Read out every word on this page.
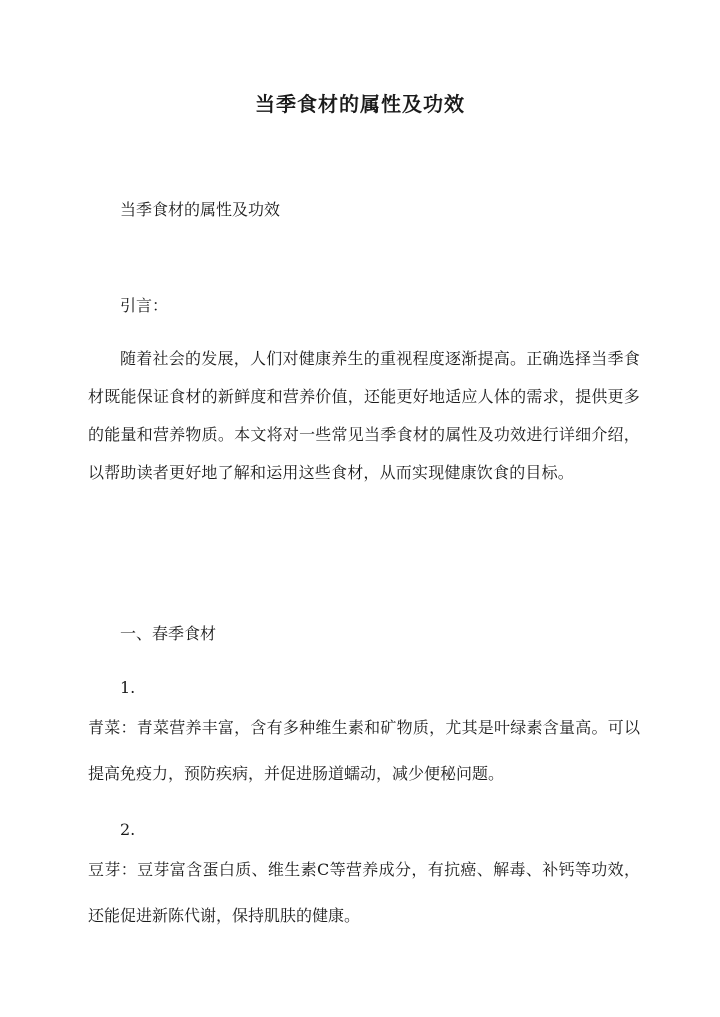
当季食材的属性及功效
当季食材的属性及功效
引言：
随着社会的发展，人们对健康养生的重视程度逐渐提高。正确选择当季食材既能保证食材的新鲜度和营养价值，还能更好地适应人体的需求，提供更多的能量和营养物质。本文将对一些常见当季食材的属性及功效进行详细介绍，以帮助读者更好地了解和运用这些食材，从而实现健康饮食的目标。
一、春季食材
1.
青菜：青菜营养丰富，含有多种维生素和矿物质，尤其是叶绿素含量高。可以提高免疫力，预防疾病，并促进肠道蠕动，减少便秘问题。
2.
豆芽：豆芽富含蛋白质、维生素C等营养成分，有抗癌、解毒、补钙等功效，还能促进新陈代谢，保持肌肤的健康。
